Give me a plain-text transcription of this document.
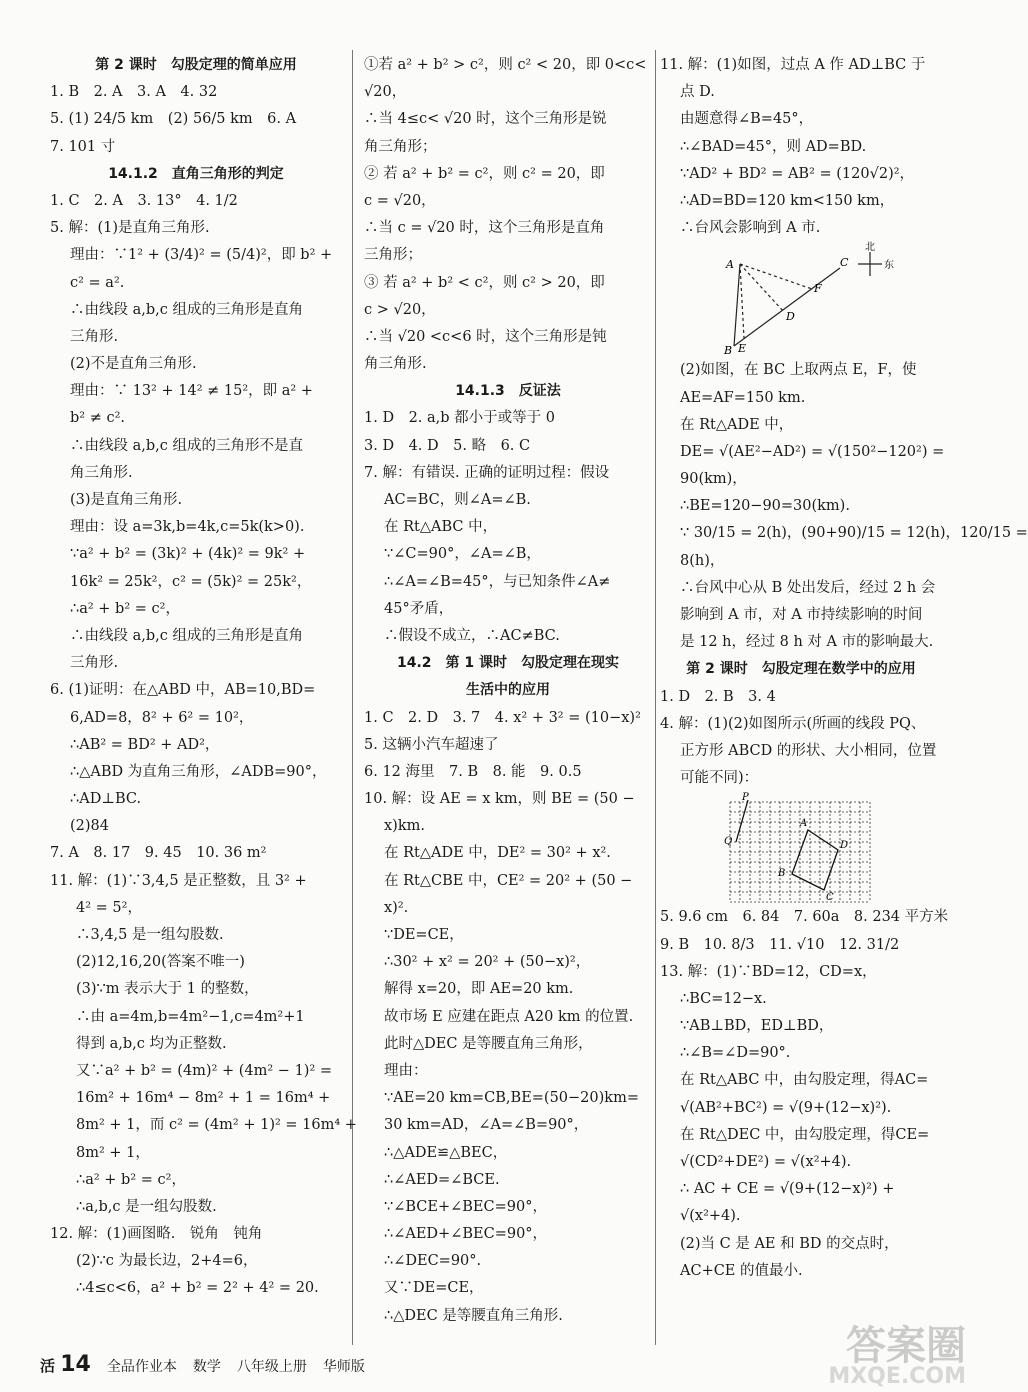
第 2 课时　勾股定理的简单应用
1. B　2. A　3. A　4. 32
5. (1) 24/5 km　(2) 56/5 km　6. A
7. 101 寸
14.1.2　直角三角形的判定
1. C　2. A　3. 13°　4. 1/2
5. 解：(1)是直角三角形.
理由：∵1² + (3/4)² = (5/4)²，即 b² +
c² = a².
∴由线段 a,b,c 组成的三角形是直角
三角形.
(2)不是直角三角形.
理由：∵ 13² + 14² ≠ 15²，即 a² +
b² ≠ c².
∴由线段 a,b,c 组成的三角形不是直
角三角形.
(3)是直角三角形.
理由：设 a=3k,b=4k,c=5k(k>0).
∵a² + b² = (3k)² + (4k)² = 9k² +
16k² = 25k²，c² = (5k)² = 25k²，
∴a² + b² = c²，
∴由线段 a,b,c 组成的三角形是直角
三角形.
6. (1)证明：在△ABD 中，AB=10,BD=
6,AD=8，8² + 6² = 10²，
∴AB² = BD² + AD²，
∴△ABD 为直角三角形，∠ADB=90°，
∴AD⊥BC.
(2)84
7. A　8. 17　9. 45　10. 36 m²
11. 解：(1)∵3,4,5 是正整数，且 3² +
4² = 5²，
∴3,4,5 是一组勾股数.
(2)12,16,20(答案不唯一)
(3)∵m 表示大于 1 的整数，
∴由 a=4m,b=4m²−1,c=4m²+1
得到 a,b,c 均为正整数.
又∵a² + b² = (4m)² + (4m² − 1)² =
16m² + 16m⁴ − 8m² + 1 = 16m⁴ +
8m² + 1，而 c² = (4m² + 1)² = 16m⁴ +
8m² + 1，
∴a² + b² = c²，
∴a,b,c 是一组勾股数.
12. 解：(1)画图略.　锐角　钝角
(2)∵c 为最长边，2+4=6，
∴4≤c<6，a² + b² = 2² + 4² = 20.
①若 a² + b² > c²，则 c² < 20，即 0<c<
√20，
∴当 4≤c< √20 时，这个三角形是锐
角三角形；
② 若 a² + b² = c²，则 c² = 20，即
c = √20，
∴当 c = √20 时，这个三角形是直角
三角形；
③ 若 a² + b² < c²，则 c² > 20，即
c > √20，
∴当 √20 <c<6 时，这个三角形是钝
角三角形.
14.1.3　反证法
1. D　2. a,b 都小于或等于 0
3. D　4. D　5. 略　6. C
7. 解：有错误. 正确的证明过程：假设
AC=BC，则∠A=∠B.
在 Rt△ABC 中，
∵∠C=90°，∠A=∠B，
∴∠A=∠B=45°，与已知条件∠A≠
45°矛盾，
∴假设不成立，∴AC≠BC.
14.2　第 1 课时　勾股定理在现实
生活中的应用
1. C　2. D　3. 7　4. x² + 3² = (10−x)²
5. 这辆小汽车超速了
6. 12 海里　7. B　8. 能　9. 0.5
10. 解：设 AE = x km，则 BE = (50 −
x)km.
在 Rt△ADE 中，DE² = 30² + x².
在 Rt△CBE 中，CE² = 20² + (50 −
x)².
∵DE=CE，
∴30² + x² = 20² + (50−x)²，
解得 x=20，即 AE=20 km.
故市场 E 应建在距点 A20 km 的位置.
此时△DEC 是等腰直角三角形，
理由：
∵AE=20 km=CB,BE=(50−20)km=
30 km=AD，∠A=∠B=90°，
∴△ADE≌△BEC，
∴∠AED=∠BCE.
∵∠BCE+∠BEC=90°，
∴∠AED+∠BEC=90°，
∴∠DEC=90°.
又∵DE=CE，
∴△DEC 是等腰直角三角形.
11. 解：(1)如图，过点 A 作 AD⊥BC 于
点 D.
由题意得∠B=45°，
∴∠BAD=45°，则 AD=BD.
∵AD² + BD² = AB² = (120√2)²，
∴AD=BD=120 km<150 km，
∴台风会影响到 A 市.
A
B E
D
F
C
北
东
(2)如图，在 BC 上取两点 E，F，使
AE=AF=150 km.
在 Rt△ADE 中，
DE= √(AE²−AD²) = √(150²−120²) =
90(km)，
∴BE=120−90=30(km).
∵ 30/15 = 2(h)，(90+90)/15 = 12(h)，120/15 =
8(h)，
∴台风中心从 B 处出发后，经过 2 h 会
影响到 A 市，对 A 市持续影响的时间
是 12 h，经过 8 h 对 A 市的影响最大.
第 2 课时　勾股定理在数学中的应用
1. D　2. B　3. 4
4. 解：(1)(2)如图所示(所画的线段 PQ、
正方形 ABCD 的形状、大小相同，位置
可能不同)：
P
Q
A
D
B
C
5. 9.6 cm　6. 84　7. 60a　8. 234 平方米
9. B　10. 8/3　11. √10　12. 31/2
13. 解：(1)∵BD=12，CD=x，
∴BC=12−x.
∵AB⊥BD，ED⊥BD，
∴∠B=∠D=90°.
在 Rt△ABC 中，由勾股定理，得AC=
√(AB²+BC²) = √(9+(12−x)²).
在 Rt△DEC 中，由勾股定理，得CE=
√(CD²+DE²) = √(x²+4).
∴ AC + CE = √(9+(12−x)²) +
√(x²+4).
(2)当 C 是 AE 和 BD 的交点时，
AC+CE 的值最小.
活 14 全品作业本 数学 八年级上册 华师版	答案圈
MXQE.COM
